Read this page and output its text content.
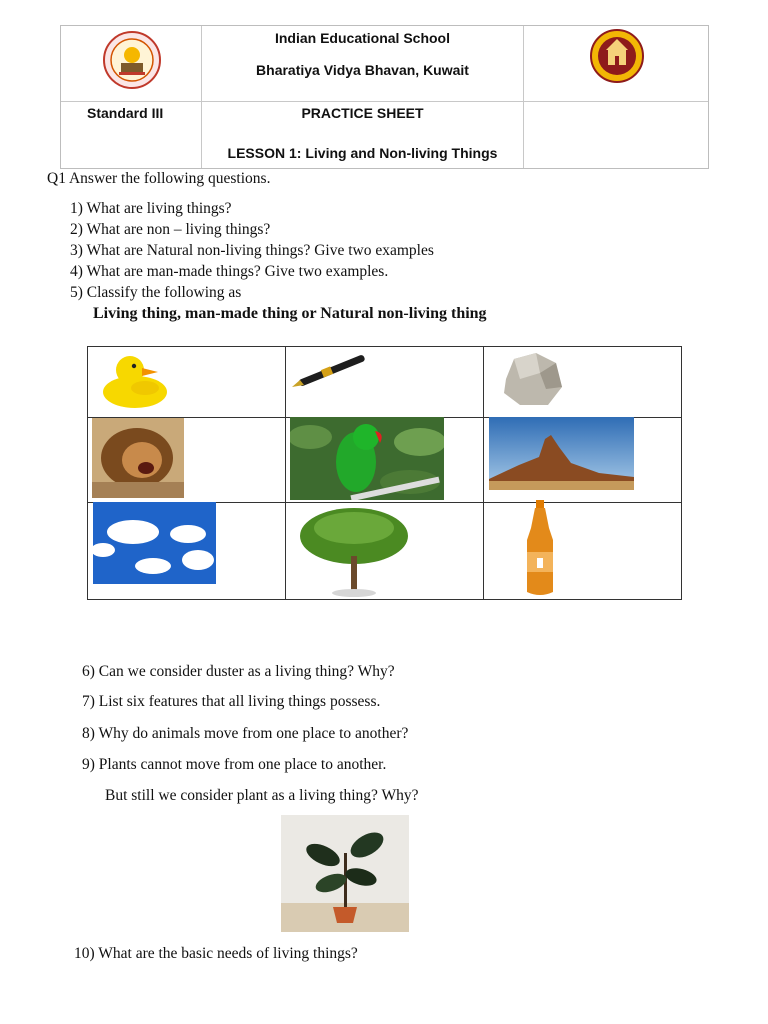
Indian Educational School
Bharatiya Vidya Bhavan, Kuwait
Standard III	PRACTICE SHEET
LESSON 1: Living and Non-living Things
Q1 Answer the following questions.
1) What are living things?
2) What are non – living things?
3) What are Natural non-living things? Give two examples
4) What are man-made things? Give two examples.
5) Classify the following as
Living thing, man-made thing or Natural non-living thing
6) Can we consider duster as a living thing? Why?
7) List six features that all living things possess.
8) Why do animals move from one place to another?
9) Plants cannot move from one place to another.
But still we consider plant as a living thing? Why?
10) What are the basic needs of living things?
